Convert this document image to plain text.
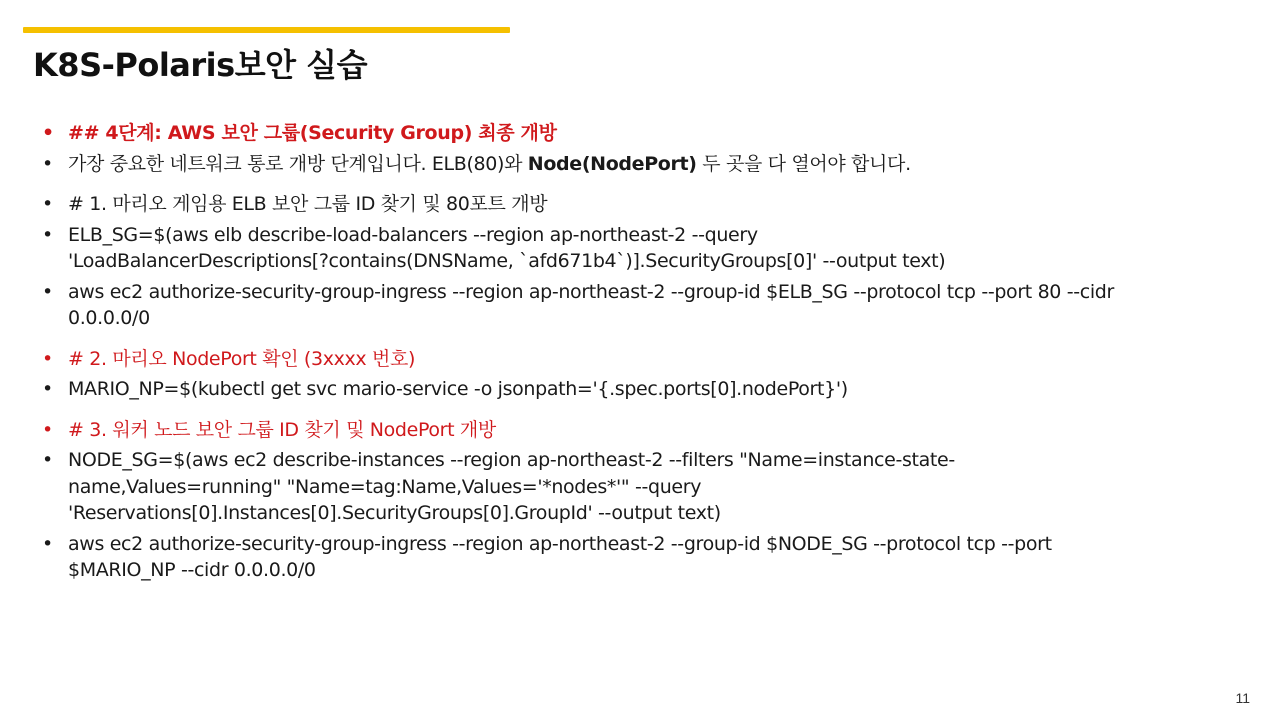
K8S-Polaris보안 실습
• ## 4단계: AWS 보안 그룹(Security Group) 최종 개방
• 가장 중요한 네트워크 통로 개방 단계입니다. ELB(80)와 Node(NodePort) 두 곳을 다 열어야 합니다.
• # 1. 마리오 게임용 ELB 보안 그룹 ID 찾기 및 80포트 개방
• ELB_SG=$(aws elb describe-load-balancers --region ap-northeast-2 --query
'LoadBalancerDescriptions[?contains(DNSName, `afd671b4`)].SecurityGroups[0]' --output text)
• aws ec2 authorize-security-group-ingress --region ap-northeast-2 --group-id $ELB_SG --protocol tcp --port 80 --cidr
0.0.0.0/0
• # 2. 마리오 NodePort 확인 (3xxxx 번호)
• MARIO_NP=$(kubectl get svc mario-service -o jsonpath='{.spec.ports[0].nodePort}')
• # 3. 워커 노드 보안 그룹 ID 찾기 및 NodePort 개방
• NODE_SG=$(aws ec2 describe-instances --region ap-northeast-2 --filters "Name=instance-state-
name,Values=running" "Name=tag:Name,Values='*nodes*'" --query
'Reservations[0].Instances[0].SecurityGroups[0].GroupId' --output text)
• aws ec2 authorize-security-group-ingress --region ap-northeast-2 --group-id $NODE_SG --protocol tcp --port
$MARIO_NP --cidr 0.0.0.0/0
11
